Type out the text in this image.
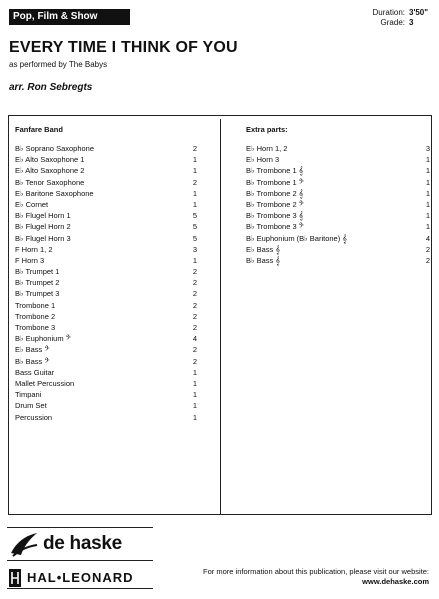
Pop, Film & Show	Duration: 3'50"
Grade: 3
EVERY TIME I THINK OF YOU
as performed by The Babys
arr. Ron Sebregts
Fanfare Band	Extra parts:
B♭ Soprano Saxophone	2
E♭ Alto Saxophone 1	1
E♭ Alto Saxophone 2	1
B♭ Tenor Saxophone	2
E♭ Baritone Saxophone	1
E♭ Cornet	1
B♭ Flugel Horn 1	5
B♭ Flugel Horn 2	5
B♭ Flugel Horn 3	5
F Horn 1, 2	3
F Horn 3	1
B♭ Trumpet 1	2
B♭ Trumpet 2	2
B♭ Trumpet 3	2
Trombone 1	2
Trombone 2	2
Trombone 3	2
B♭ Euphonium 𝄢	4
E♭ Bass 𝄢	2
B♭ Bass 𝄢	2
Bass Guitar	1
Mallet Percussion	1
Timpani	1
Drum Set	1
Percussion	1
E♭ Horn 1, 2	3
E♭ Horn 3	1
B♭ Trombone 1 𝄞	1
B♭ Trombone 1 𝄢	1
B♭ Trombone 2 𝄞	1
B♭ Trombone 2 𝄢	1
B♭ Trombone 3 𝄞	1
B♭ Trombone 3 𝄢	1
B♭ Euphonium (B♭ Baritone) 𝄞	4
E♭ Bass 𝄞	2
B♭ Bass 𝄞	2
de haske
HAL•LEONARD	For more information about this publication, please visit our website:
www.dehaske.com
